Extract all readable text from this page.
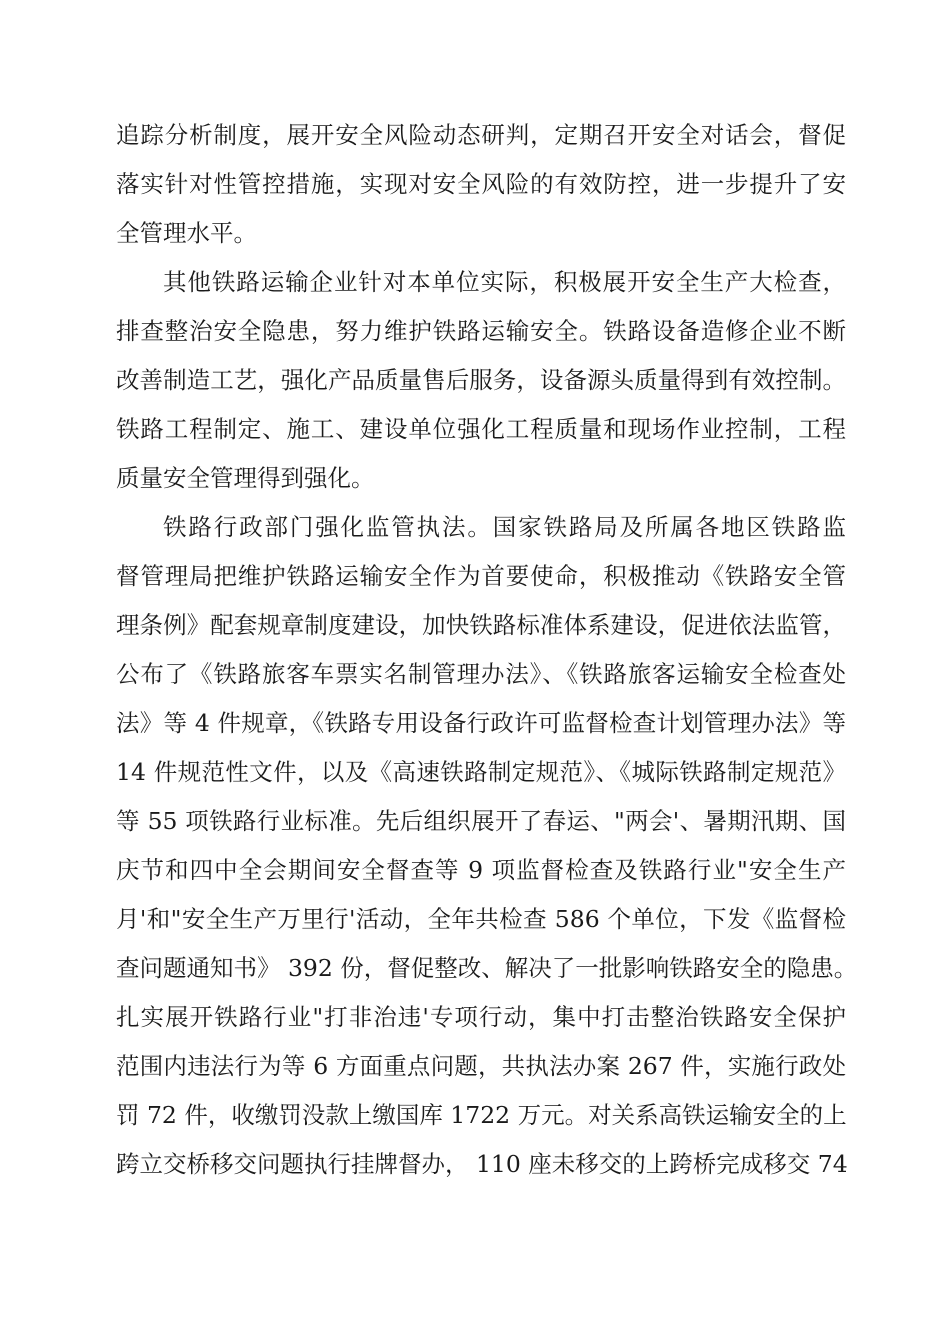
追踪分析制度，展开安全风险动态研判，定期召开安全对话会，督促
落实针对性管控措施，实现对安全风险的有效防控，进一步提升了安
全管理水平。
其他铁路运输企业针对本单位实际，积极展开安全生产大检查，
排查整治安全隐患，努力维护铁路运输安全。铁路设备造修企业不断
改善制造工艺，强化产品质量售后服务，设备源头质量得到有效控制。
铁路工程制定、施工、建设单位强化工程质量和现场作业控制，工程
质量安全管理得到强化。
铁路行政部门强化监管执法。国家铁路局及所属各地区铁路监
督管理局把维护铁路运输安全作为首要使命，积极推动《铁路安全管
理条例》配套规章制度建设，加快铁路标准体系建设，促进依法监管，
公布了《铁路旅客车票实名制管理办法》、《铁路旅客运输安全检查处
法》等 4 件规章，《铁路专用设备行政许可监督检查计划管理办法》等
14 件规范性文件，以及《高速铁路制定规范》、《城际铁路制定规范》
等 55 项铁路行业标准。先后组织展开了春运、"两会'、暑期汛期、国
庆节和四中全会期间安全督查等 9 项监督检查及铁路行业"安全生产
月'和"安全生产万里行'活动，全年共检查 586 个单位，下发《监督检
查问题通知书》 392 份，督促整改、解决了一批影响铁路安全的隐患。
扎实展开铁路行业"打非治违'专项行动，集中打击整治铁路安全保护
范围内违法行为等 6 方面重点问题，共执法办案 267 件，实施行政处
罚 72 件，收缴罚没款上缴国库 1722 万元。对关系高铁运输安全的上
跨立交桥移交问题执行挂牌督办， 110 座未移交的上跨桥完成移交 74
